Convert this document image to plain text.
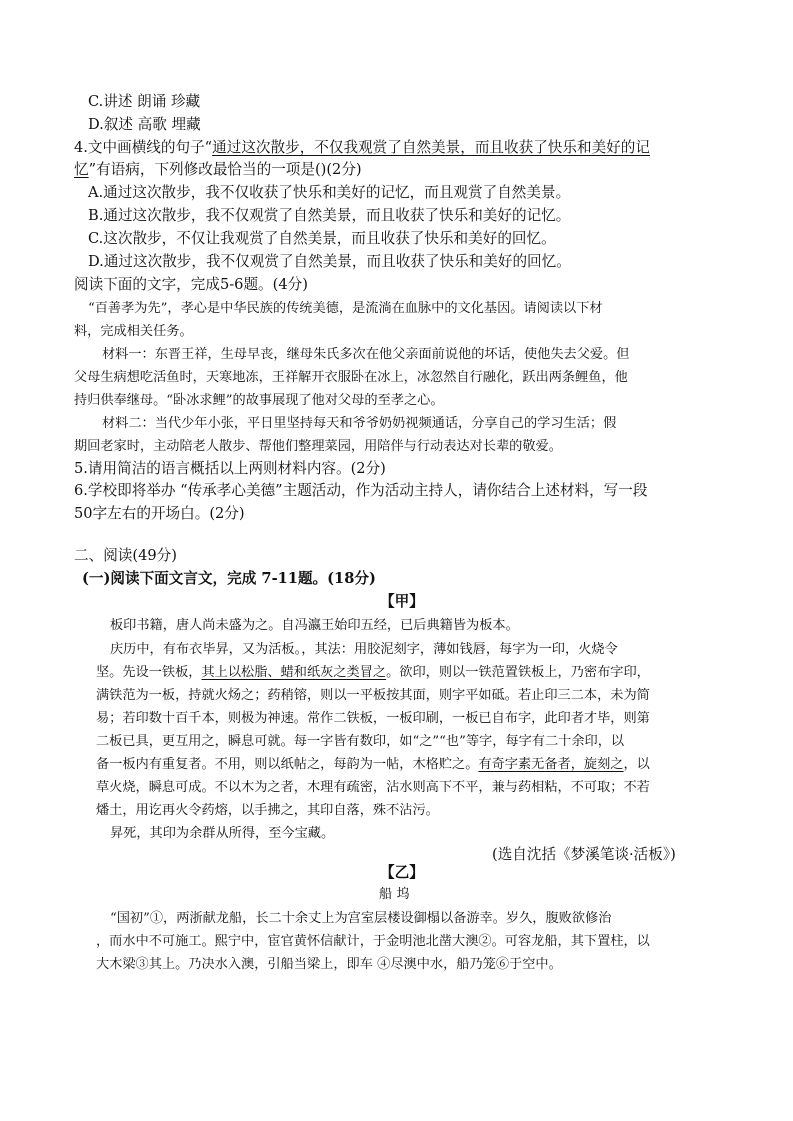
C.讲述 朗诵 珍藏
D.叙述 高歌 埋藏
4.文中画横线的句子“通过这次散步，不仅我观赏了自然美景，而且收获了快乐和美好的记
忆”有语病，下列修改最恰当的一项是()(2分)
A.通过这次散步，我不仅收获了快乐和美好的记忆，而且观赏了自然美景。
B.通过这次散步，我不仅观赏了自然美景，而且收获了快乐和美好的记忆。
C.这次散步，不仅让我观赏了自然美景，而且收获了快乐和美好的回忆。
D.通过这次散步，我不仅观赏了自然美景，而且收获了快乐和美好的回忆。
阅读下面的文字，完成5-6题。(4分)
“百善孝为先”，孝心是中华民族的传统美德，是流淌在血脉中的文化基因。请阅读以下材
料，完成相关任务。
材料一：东晋王祥，生母早丧，继母朱氏多次在他父亲面前说他的坏话，使他失去父爱。但
父母生病想吃活鱼时，天寒地冻，王祥解开衣服卧在冰上，冰忽然自行融化，跃出两条鲤鱼，他
持归供奉继母。“卧冰求鲤”的故事展现了他对父母的至孝之心。
材料二：当代少年小张，平日里坚持每天和爷爷奶奶视频通话，分享自己的学习生活；假
期回老家时，主动陪老人散步、帮他们整理菜园，用陪伴与行动表达对长辈的敬爱。
5.请用简洁的语言概括以上两则材料内容。(2分)
6.学校即将举办 “传承孝心美德”主题活动，作为活动主持人，请你结合上述材料，写一段
50字左右的开场白。(2分)
二、阅读(49分)
(一)阅读下面文言文，完成 7-11题。(18分)
【甲】
板印书籍，唐人尚未盛为之。自冯瀛王始印五经，已后典籍皆为板本。
庆历中，有布衣毕昇，又为活板。，其法：用胶泥刻字，薄如钱唇，每字为一印，火烧令
坚。先设一铁板，其上以松脂、蜡和纸灰之类冒之。欲印，则以一铁范置铁板上，乃密布字印，
满铁范为一板，持就火炀之；药稍镕，则以一平板按其面，则字平如砥。若止印三二本，未为简
易；若印数十百千本，则极为神速。常作二铁板，一板印刷，一板已自布字，此印者才毕，则第
二板已具，更互用之，瞬息可就。每一字皆有数印，如“之”“也”等字，每字有二十余印，以
备一板内有重复者。不用，则以纸帖之，每韵为一帖，木格贮之。有奇字素无备者，旋刻之，以
草火烧，瞬息可成。不以木为之者，木理有疏密，沾水则高下不平，兼与药相粘，不可取；不若
燔土，用讫再火令药熔，以手拂之，其印自落，殊不沾污。
昇死，其印为余群从所得，至今宝藏。
(选自沈括《梦溪笔谈·活板》)
【乙】
船 坞
“国初”①，两浙献龙船，长二十余丈上为宫室层楼设御榻以备游幸。岁久，腹败欲修治
，而水中不可施工。熙宁中，宦官黄怀信献计，于金明池北凿大澳②。可容龙船，其下置柱，以
大木梁③其上。乃决水入澳，引船当梁上，即车 ④尽澳中水，船乃笼⑥于空中。
